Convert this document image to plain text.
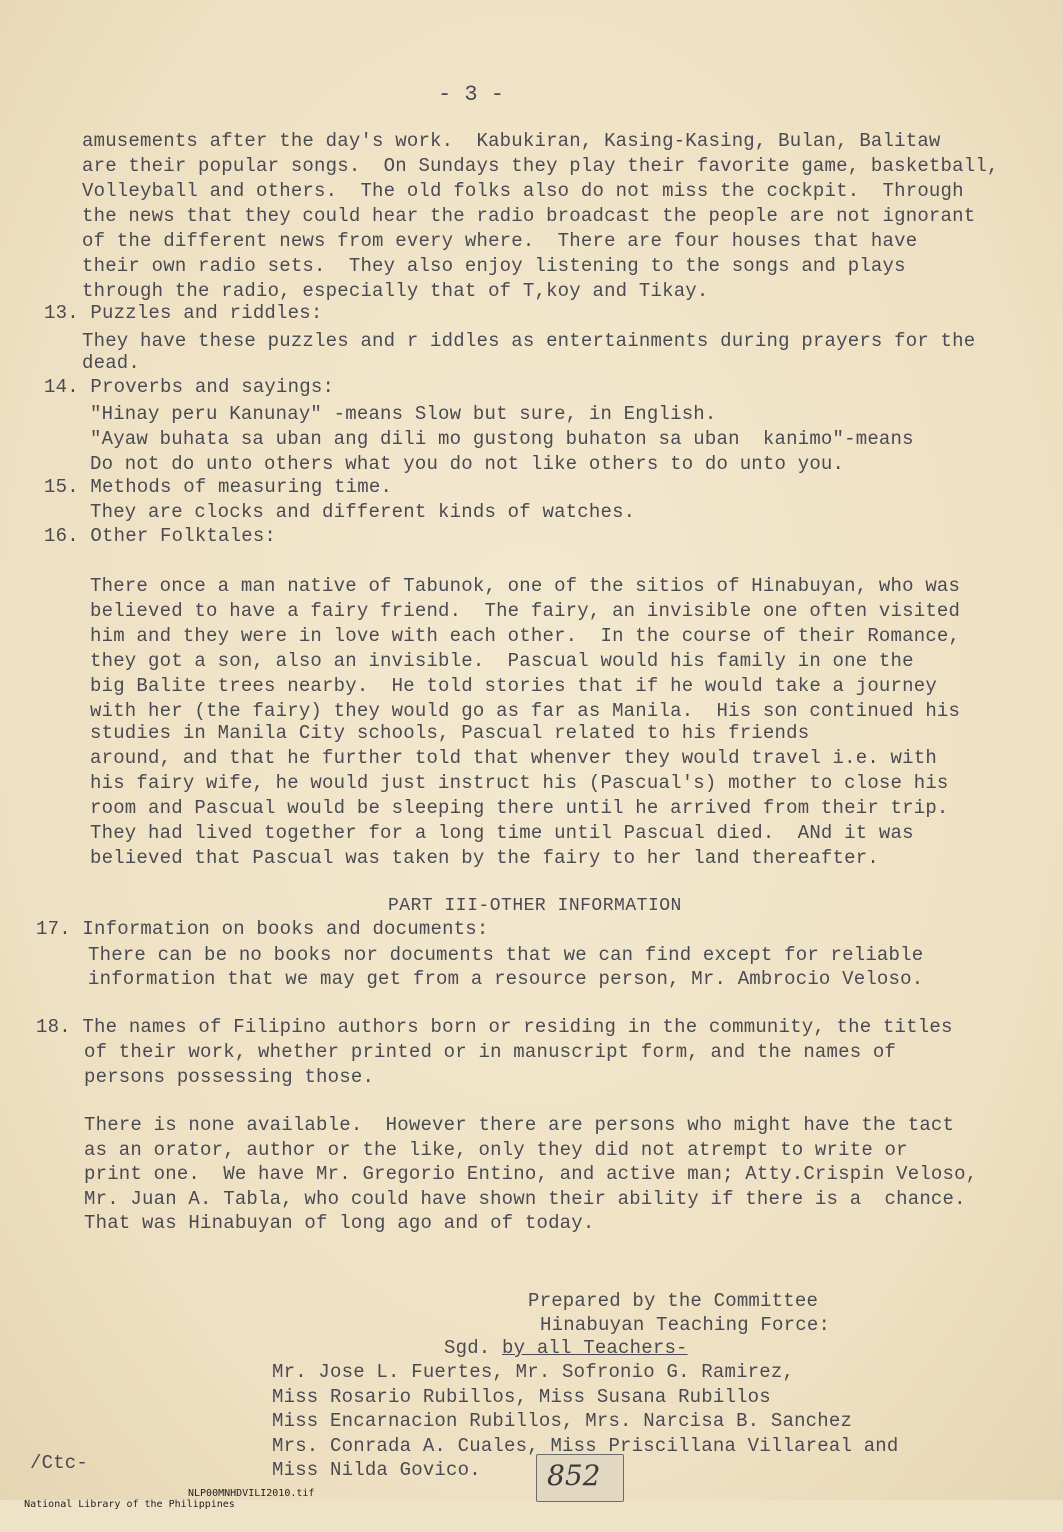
- 3 -
amusements after the day's work.  Kabukiran, Kasing-Kasing, Bulan, Balitaw
are their popular songs.  On Sundays they play their favorite game, basketball,
Volleyball and others.  The old folks also do not miss the cockpit.  Through
the news that they could hear the radio broadcast the people are not ignorant
of the different news from every where.  There are four houses that have
their own radio sets.  They also enjoy listening to the songs and plays
through the radio, especially that of T,koy and Tikay.
13. Puzzles and riddles:
They have these puzzles and r iddles as entertainments during prayers for the
dead.
14. Proverbs and sayings:
"Hinay peru Kanunay" -means Slow but sure, in English.
"Ayaw buhata sa uban ang dili mo gustong buhaton sa uban  kanimo"-means
Do not do unto others what you do not like others to do unto you.
15. Methods of measuring time.
They are clocks and different kinds of watches.
16. Other Folktales:
There once a man native of Tabunok, one of the sitios of Hinabuyan, who was
believed to have a fairy friend.  The fairy, an invisible one often visited
him and they were in love with each other.  In the course of their Romance,
they got a son, also an invisible.  Pascual would his family in one the
big Balite trees nearby.  He told stories that if he would take a journey
with her (the fairy) they would go as far as Manila.  His son continued his
studies in Manila City schools, Pascual related to his friends
around, and that he further told that whenver they would travel i.e. with
his fairy wife, he would just instruct his (Pascual's) mother to close his
room and Pascual would be sleeping there until he arrived from their trip.
They had lived together for a long time until Pascual died.  ANd it was
believed that Pascual was taken by the fairy to her land thereafter.
PART III-OTHER INFORMATION
17. Information on books and documents:
There can be no books nor documents that we can find except for reliable
information that we may get from a resource person, Mr. Ambrocio Veloso.
18. The names of Filipino authors born or residing in the community, the titles
of their work, whether printed or in manuscript form, and the names of
persons possessing those.
There is none available.  However there are persons who might have the tact
as an orator, author or the like, only they did not atrempt to write or
print one.  We have Mr. Gregorio Entino, and active man; Atty.Crispin Veloso,
Mr. Juan A. Tabla, who could have shown their ability if there is a  chance.
That was Hinabuyan of long ago and of today.
Prepared by the Committee
Hinabuyan Teaching Force:
Sgd. by all Teachers-
Mr. Jose L. Fuertes, Mr. Sofronio G. Ramirez,
Miss Rosario Rubillos, Miss Susana Rubillos
Miss Encarnacion Rubillos, Mrs. Narcisa B. Sanchez
Mrs. Conrada A. Cuales, Miss Priscillana Villareal and
Miss Nilda Govico.
/Ctc-	852

National Library of the Philippines

NLP00MNHDVILI2010.tif
